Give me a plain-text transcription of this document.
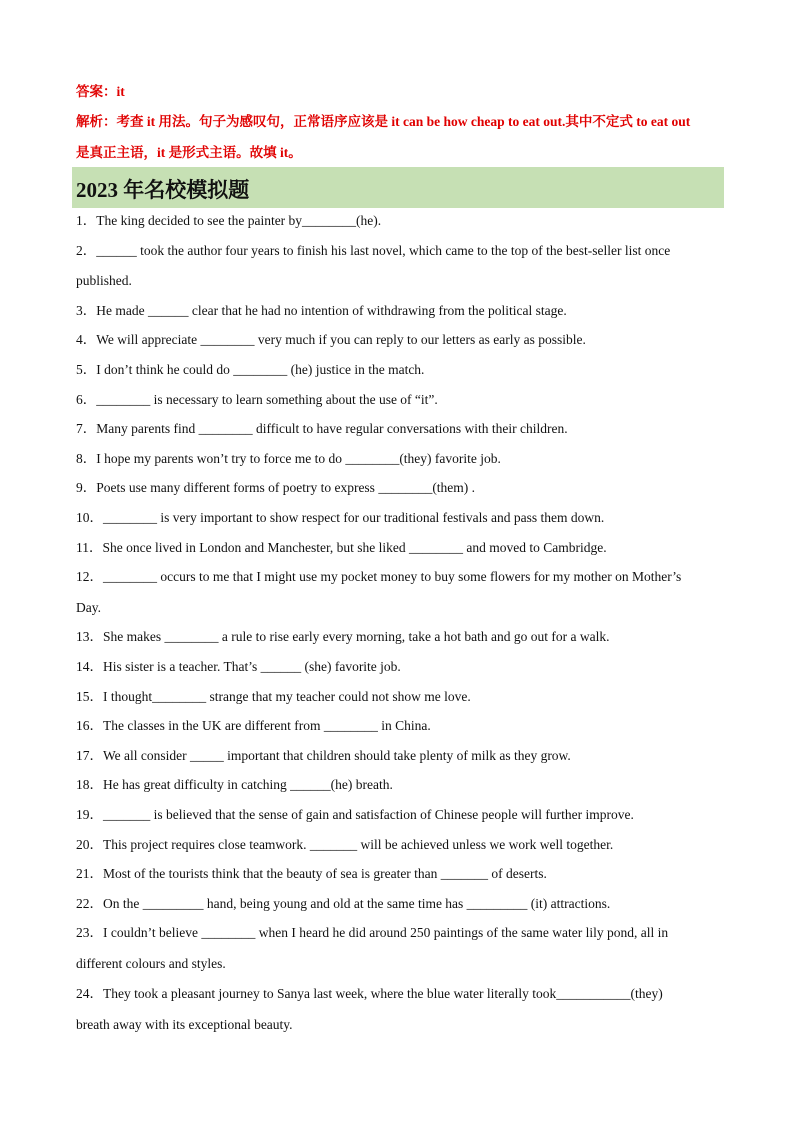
答案：it
解析：考查 it 用法。句子为感叹句，正常语序应该是 it can be how cheap to eat out.其中不定式 to eat out
是真正主语，it 是形式主语。故填 it。
2023 年名校模拟题
1．The king decided to see the painter by________(he).
2．______ took the author four years to finish his last novel, which came to the top of the best-seller list once
published.
3．He made ______ clear that he had no intention of withdrawing from the political stage.
4．We will appreciate ________ very much if you can reply to our letters as early as possible.
5．I don’t think he could do ________ (he) justice in the match.
6．________ is necessary to learn something about the use of “it”.
7．Many parents find ________ difficult to have regular conversations with their children.
8．I hope my parents won’t try to force me to do ________(they) favorite job.
9．Poets use many different forms of poetry to express ________(them) .
10．________ is very important to show respect for our traditional festivals and pass them down.
11．She once lived in London and Manchester, but she liked ________ and moved to Cambridge.
12．________ occurs to me that I might use my pocket money to buy some flowers for my mother on Mother’s
Day.
13．She makes ________ a rule to rise early every morning, take a hot bath and go out for a walk.
14．His sister is a teacher. That’s ______ (she) favorite job.
15．I thought________ strange that my teacher could not show me love.
16．The classes in the UK are different from ________ in China.
17．We all consider _____ important that children should take plenty of milk as they grow.
18．He has great difficulty in catching ______(he) breath.
19．_______ is believed that the sense of gain and satisfaction of Chinese people will further improve.
20．This project requires close teamwork. _______ will be achieved unless we work well together.
21．Most of the tourists think that the beauty of sea is greater than _______ of deserts.
22．On the _________ hand, being young and old at the same time has _________ (it) attractions.
23．I couldn’t believe ________ when I heard he did around 250 paintings of the same water lily pond, all in
different colours and styles.
24．They took a pleasant journey to Sanya last week, where the blue water literally took___________(they)
breath away with its exceptional beauty.
